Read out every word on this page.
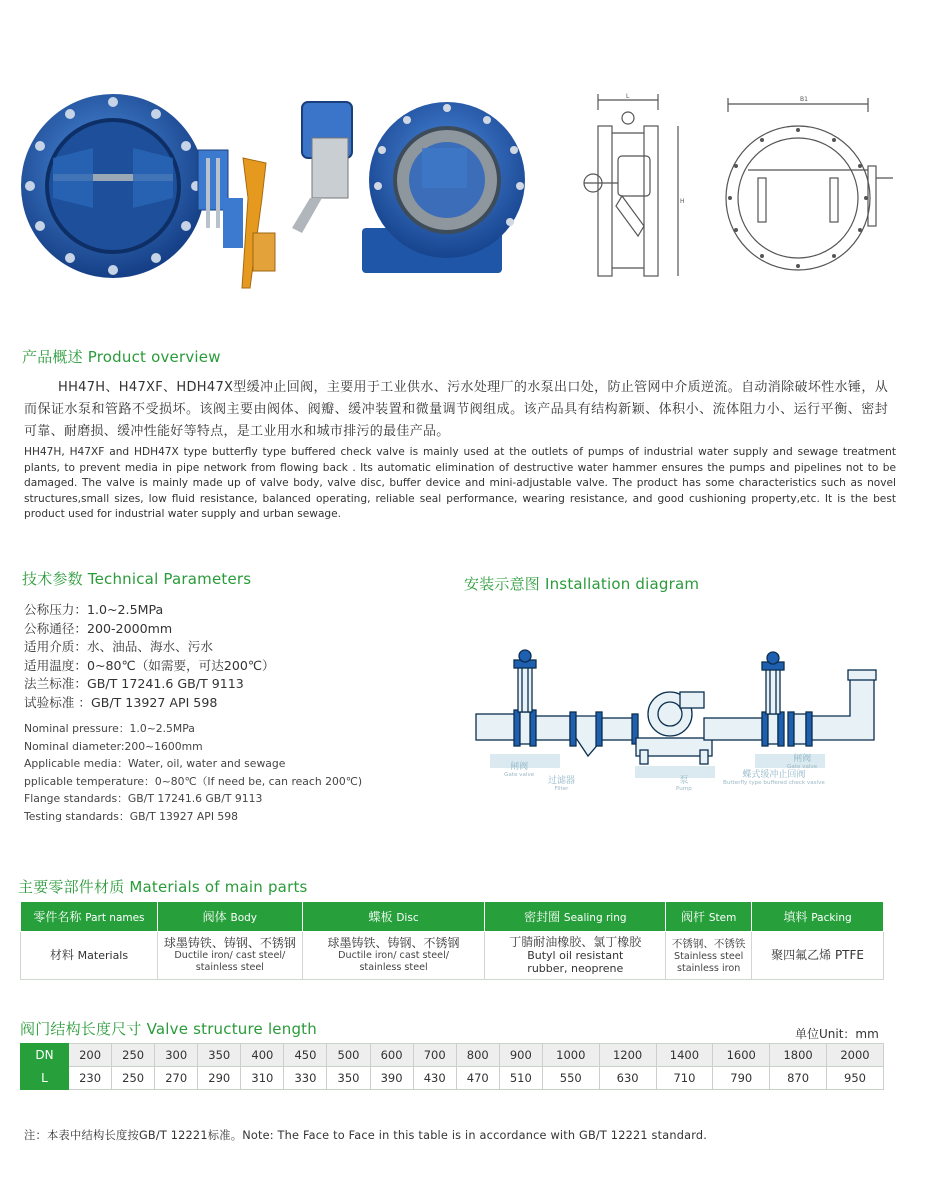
L
H
B1
产品概述 Product overview
HH47H、H47XF、HDH47X型缓冲止回阀，主要用于工业供水、污水处理厂的水泵出口处，防止管网中介质逆流。自动消除破坏性水锤，从而保证水泵和管路不受损坏。该阀主要由阀体、阀瓣、缓冲装置和微量调节阀组成。该产品具有结构新颖、体积小、流体阻力小、运行平衡、密封可靠、耐磨损、缓冲性能好等特点，是工业用水和城市排污的最佳产品。
HH47H, H47XF and HDH47X type butterfly type buffered check valve is mainly used at the outlets of pumps of industrial water supply and sewage treatment plants, to prevent media in pipe network from flowing back . Its automatic elimination of destructive water hammer ensures the pumps and pipelines not to be damaged. The valve is mainly made up of valve body, valve disc, buffer device and mini-adjustable valve. The product has some characteristics such as novel structures,small sizes, low fluid resistance, balanced operating, reliable seal performance, wearing resistance, and good cushioning property,etc. It is the best product used for industrial water supply and urban sewage.
技术参数 Technical Parameters
公称压力：1.0~2.5MPa
公称通径：200-2000mm
适用介质：水、油品、海水、污水
适用温度：0~80℃（如需要，可达200℃）
法兰标准：GB/T 17241.6 GB/T 9113
试验标准 ：GB/T 13927 API 598
Nominal pressure：1.0~2.5MPa
Nominal diameter:200~1600mm
Applicable media：Water, oil, water and sewage
pplicable temperature：0~80℃（If need be, can reach 200℃)
Flange standards：GB/T 17241.6 GB/T 9113
Testing standards：GB/T 13927 API 598
安装示意图 Installation diagram
闸阀
Gate valve
过滤器
Filter
泵
Pump
闸阀
Gate valve
蝶式缓冲止回阀
Butterfly type buffered check vaslve
主要零部件材质 Materials of main parts
零件名称 Part names	阀体 Body	蝶板 Disc	密封圈 Sealing ring	阀杆 Stem	填料 Packing
材料 Materials	球墨铸铁、铸钢、不锈钢
Ductile iron/ cast steel/
stainless steel	球墨铸铁、铸钢、不锈钢
Ductile iron/ cast steel/
stainless steel	丁腈耐油橡胶、氯丁橡胶
Butyl oil resistant
rubber, neoprene	不锈钢、不锈铁
Stainless steel
stainless iron	聚四氟乙烯 PTFE
阀门结构长度尺寸 Valve structure length	单位Unit：mm
DN	200	250	300	350	400	450	500	600	700	800	900	1000	1200	1400	1600	1800	2000
L	230	250	270	290	310	330	350	390	430	470	510	550	630	710	790	870	950
注：本表中结构长度按GB/T 12221标准。Note: The Face to Face in this table is in accordance with GB/T 12221 standard.
